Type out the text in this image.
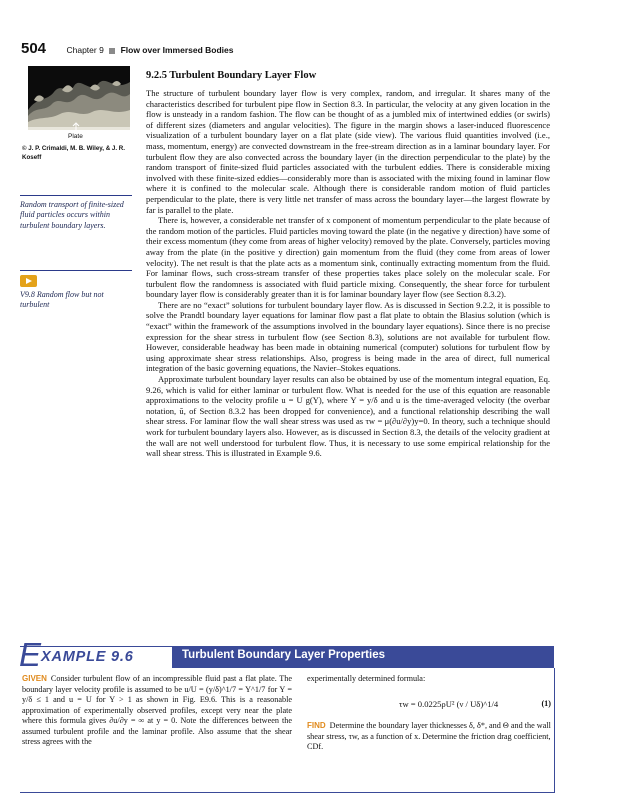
504 Chapter 9 Flow over Immersed Bodies
Plate
© J. P. Crimaldi, M. B. Wiley, & J. R. Koseff
Random transport of finite-sized fluid particles occurs within turbulent boundary layers.
V9.8 Random flow but not turbulent
9.2.5 Turbulent Boundary Layer Flow

The structure of turbulent boundary layer flow is very complex, random, and irregular. It shares many of the characteristics described for turbulent pipe flow in Section 8.3. In particular, the velocity at any given location in the flow is unsteady in a random fashion. The flow can be thought of as a jumbled mix of intertwined eddies (or swirls) of different sizes (diameters and angular velocities). The figure in the margin shows a laser-induced fluorescence visualization of a turbulent boundary layer on a flat plate (side view). The various fluid quantities involved (i.e., mass, momentum, energy) are convected downstream in the free-stream direction as in a laminar boundary layer. For turbulent flow they are also convected across the boundary layer (in the direction perpendicular to the plate) by the random transport of finite-sized fluid particles associated with the turbulent eddies. There is considerable mixing involved with these finite-sized eddies—considerably more than is associated with the mixing found in laminar flow where it is confined to the molecular scale. Although there is considerable random motion of fluid particles perpendicular to the plate, there is very little net transfer of mass across the boundary layer—the largest flowrate by far is parallel to the plate.

There is, however, a considerable net transfer of x component of momentum perpendicular to the plate because of the random motion of the particles. Fluid particles moving toward the plate (in the negative y direction) have some of their excess momentum (they come from areas of higher velocity) removed by the plate. Conversely, particles moving away from the plate (in the positive y direction) gain momentum from the fluid (they come from areas of lower velocity). The net result is that the plate acts as a momentum sink, continually extracting momentum from the fluid. For laminar flows, such cross-stream transfer of these properties takes place solely on the molecular scale. For turbulent flow the randomness is associated with fluid particle mixing. Consequently, the shear force for turbulent boundary layer flow is considerably greater than it is for laminar boundary layer flow (see Section 8.3.2).

There are no “exact” solutions for turbulent boundary layer flow. As is discussed in Section 9.2.2, it is possible to solve the Prandtl boundary layer equations for laminar flow past a flat plate to obtain the Blasius solution (which is “exact” within the framework of the assumptions involved in the boundary layer equations). Since there is no precise expression for the shear stress in turbulent flow (see Section 8.3), solutions are not available for turbulent flow. However, considerable headway has been made in obtaining numerical (computer) solutions for turbulent flow by using approximate shear stress relationships. Also, progress is being made in the area of direct, full numerical integration of the basic governing equations, the Navier–Stokes equations.

Approximate turbulent boundary layer results can also be obtained by use of the momentum integral equation, Eq. 9.26, which is valid for either laminar or turbulent flow. What is needed for the use of this equation are reasonable approximations to the velocity profile u = U g(Y), where Y = y/δ and u is the time-averaged velocity (the overbar notation, ū, of Section 8.3.2 has been dropped for convenience), and a functional relationship describing the wall shear stress. For laminar flow the wall shear stress was used as τw = μ(∂u/∂y)y=0. In theory, such a technique should work for turbulent boundary layers also. However, as is discussed in Section 8.3, the details of the velocity gradient at the wall are not well understood for turbulent flow. Thus, it is necessary to use some empirical relationship for the wall shear stress. This is illustrated in Example 9.6.

E XAMPLE 9.6	Turbulent Boundary Layer Properties
GIVEN Consider turbulent flow of an incompressible fluid past a flat plate. The boundary layer velocity profile is assumed to be u/U = (y/δ)^1/7 = Y^1/7 for Y = y/δ ≤ 1 and u = U for Y > 1 as shown in Fig. E9.6. This is a reasonable approximation of experimentally observed profiles, except very near the plate where this formula gives ∂u/∂y = ∞ at y = 0. Note the differences between the assumed turbulent profile and the laminar profile. Also assume that the shear stress agrees with the
experimentally determined formula:
τw = 0.0225ρU² (ν / Uδ)^1/4	(1)
FIND Determine the boundary layer thicknesses δ, δ*, and Θ and the wall shear stress, τw, as a function of x. Determine the friction drag coefficient, CDf.
